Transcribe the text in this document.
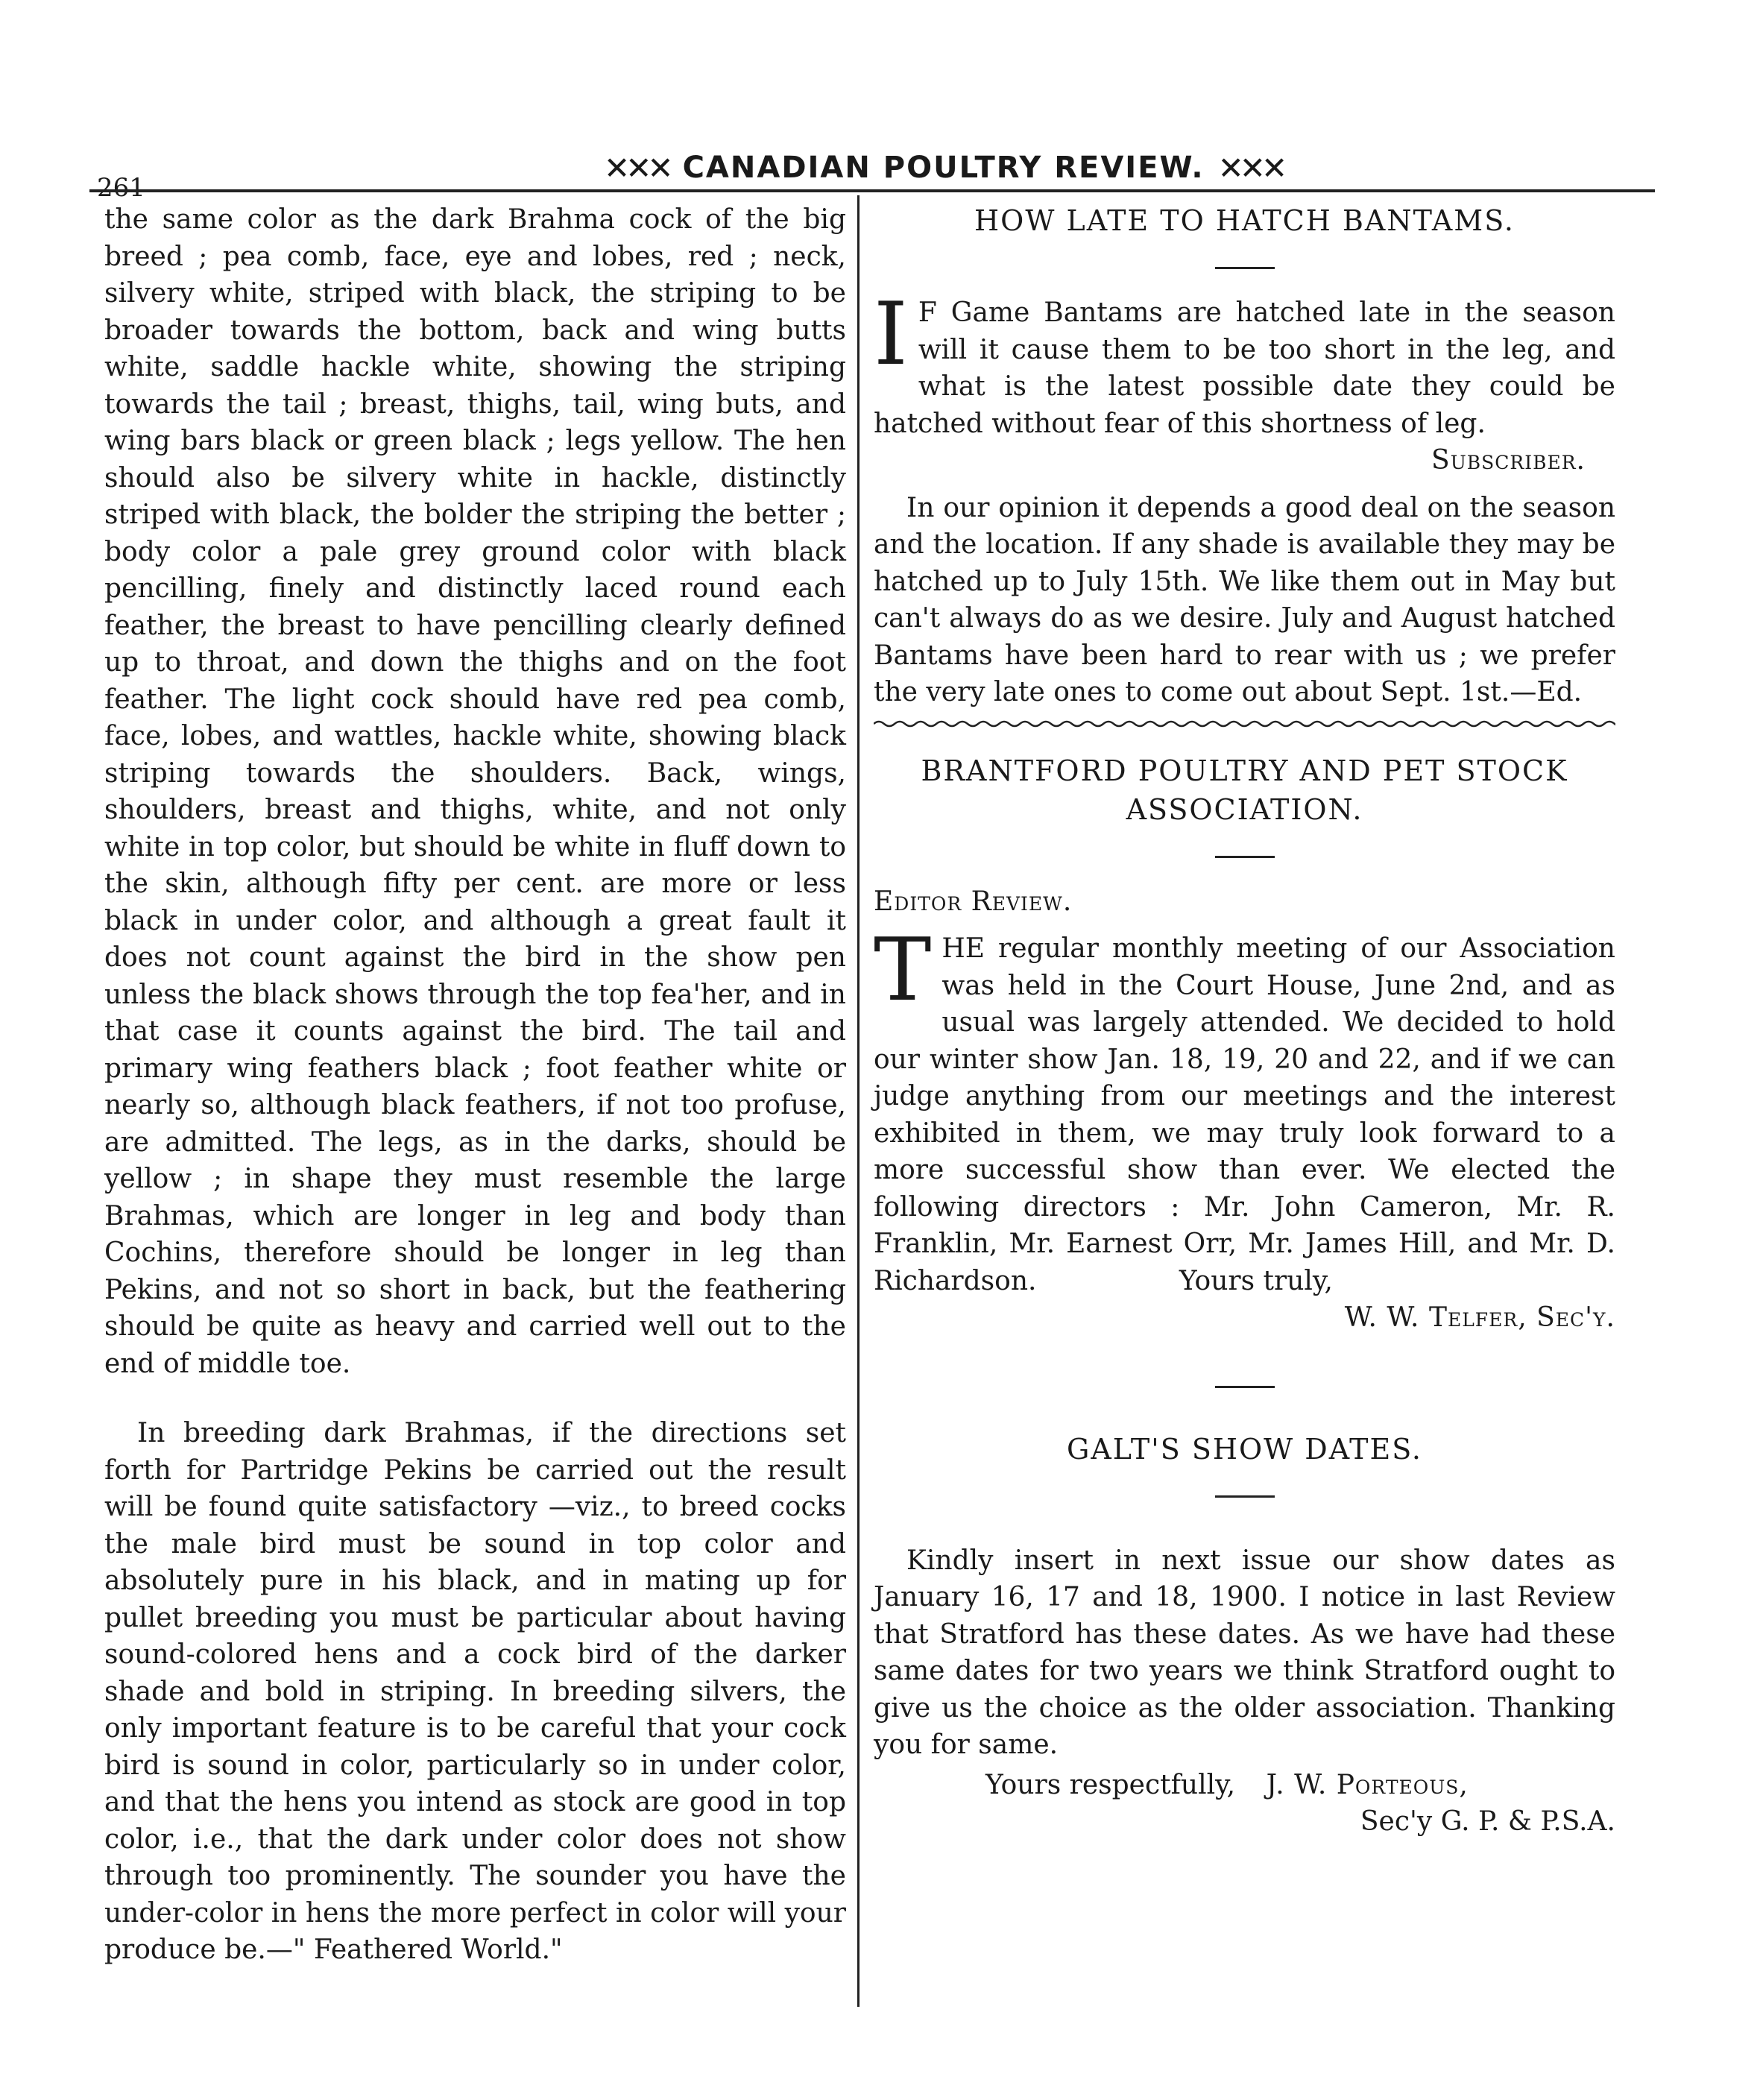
261
✕✕✕ CANADIAN POULTRY REVIEW. ✕✕✕

the same color as the dark Brahma cock of the big breed ; pea comb, face, eye and lobes, red ; neck, silvery white, striped with black, the striping to be broader towards the bottom, back and wing butts white, saddle hackle white, showing the striping towards the tail ; breast, thighs, tail, wing buts, and wing bars black or green black ; legs yellow. The hen should also be silvery white in hackle, distinctly striped with black, the bolder the striping the better ; body color a pale grey ground color with black pencilling, finely and distinctly laced round each feather, the breast to have pencilling clearly defined up to throat, and down the thighs and on the foot feather. The light cock should have red pea comb, face, lobes, and wattles, hackle white, showing black striping towards the shoulders. Back, wings, shoulders, breast and thighs, white, and not only white in top color, but should be white in fluff down to the skin, although fifty per cent. are more or less black in under color, and although a great fault it does not count against the bird in the show pen unless the black shows through the top fea'her, and in that case it counts against the bird. The tail and primary wing feathers black ; foot feather white or nearly so, although black feathers, if not too profuse, are admitted. The legs, as in the darks, should be yellow ; in shape they must resemble the large Brahmas, which are longer in leg and body than Cochins, therefore should be longer in leg than Pekins, and not so short in back, but the feathering should be quite as heavy and carried well out to the end of middle toe.

In breeding dark Brahmas, if the directions set forth for Partridge Pekins be carried out the result will be found quite satisfactory —viz., to breed cocks the male bird must be sound in top color and absolutely pure in his black, and in mating up for pullet breeding you must be particular about having sound-colored hens and a cock bird of the darker shade and bold in striping. In breeding silvers, the only important feature is to be careful that your cock bird is sound in color, particularly so in under color, and that the hens you intend as stock are good in top color, i.e., that the dark under color does not show through too prominently. The sounder you have the under-color in hens the more perfect in color will your produce be.—" Feathered World."

HOW LATE TO HATCH BANTAMS.

I F Game Bantams are hatched late in the season will it cause them to be too short in the leg, and what is the latest possible date they could be hatched without fear of this shortness of leg.

Subscriber.

In our opinion it depends a good deal on the season and the location. If any shade is available they may be hatched up to July 15th. We like them out in May but can't always do as we desire. July and August hatched Bantams have been hard to rear with us ; we prefer the very late ones to come out about Sept. 1st.—Ed.

BRANTFORD POULTRY AND PET STOCK ASSOCIATION.

Editor Review.

THE regular monthly meeting of our Association was held in the Court House, June 2nd, and as usual was largely attended. We decided to hold our winter show Jan. 18, 19, 20 and 22, and if we can judge anything from our meetings and the interest exhibited in them, we may truly look forward to a more successful show than ever. We elected the following directors : Mr. John Cameron, Mr. R. Franklin, Mr. Earnest Orr, Mr. James Hill, and Mr. D. Richardson.	Yours truly,

W. W. Telfer, Sec'y.

GALT'S SHOW DATES.

Kindly insert in next issue our show dates as January 16, 17 and 18, 1900. I notice in last Review that Stratford has these dates. As we have had these same dates for two years we think Stratford ought to give us the choice as the older association. Thanking you for same.

Yours respectfully, J. W. Porteous,

Sec'y G. P. & P.S.A.
